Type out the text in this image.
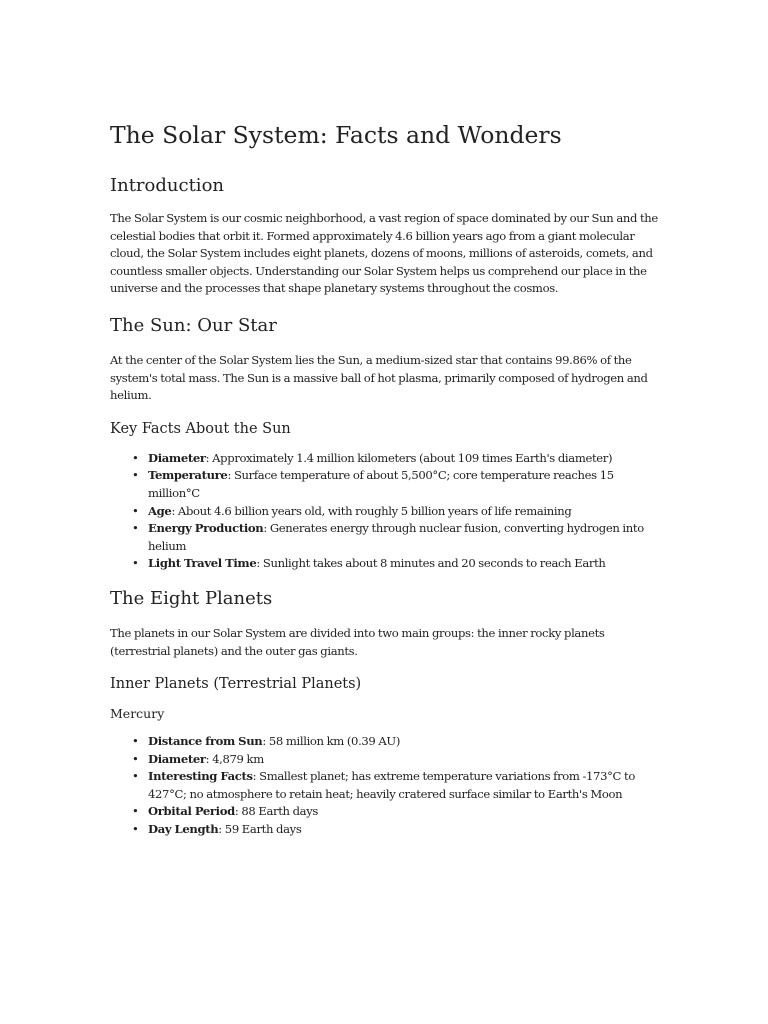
The Solar System: Facts and Wonders
Introduction

The Solar System is our cosmic neighborhood, a vast region of space dominated by our Sun and the celestial bodies that orbit it. Formed approximately 4.6 billion years ago from a giant molecular cloud, the Solar System includes eight planets, dozens of moons, millions of asteroids, comets, and countless smaller objects. Understanding our Solar System helps us comprehend our place in the universe and the processes that shape planetary systems throughout the cosmos.

The Sun: Our Star

At the center of the Solar System lies the Sun, a medium-sized star that contains 99.86% of the system's total mass. The Sun is a massive ball of hot plasma, primarily composed of hydrogen and helium.

Key Facts About the Sun
• Diameter: Approximately 1.4 million kilometers (about 109 times Earth's diameter)
• Temperature: Surface temperature of about 5,500°C; core temperature reaches 15 million°C
• Age: About 4.6 billion years old, with roughly 5 billion years of life remaining
• Energy Production: Generates energy through nuclear fusion, converting hydrogen into helium
• Light Travel Time: Sunlight takes about 8 minutes and 20 seconds to reach Earth
The Eight Planets

The planets in our Solar System are divided into two main groups: the inner rocky planets (terrestrial planets) and the outer gas giants.

Inner Planets (Terrestrial Planets)
Mercury
• Distance from Sun: 58 million km (0.39 AU)
• Diameter: 4,879 km
• Interesting Facts: Smallest planet; has extreme temperature variations from -173°C to 427°C; no atmosphere to retain heat; heavily cratered surface similar to Earth's Moon
• Orbital Period: 88 Earth days
• Day Length: 59 Earth days
